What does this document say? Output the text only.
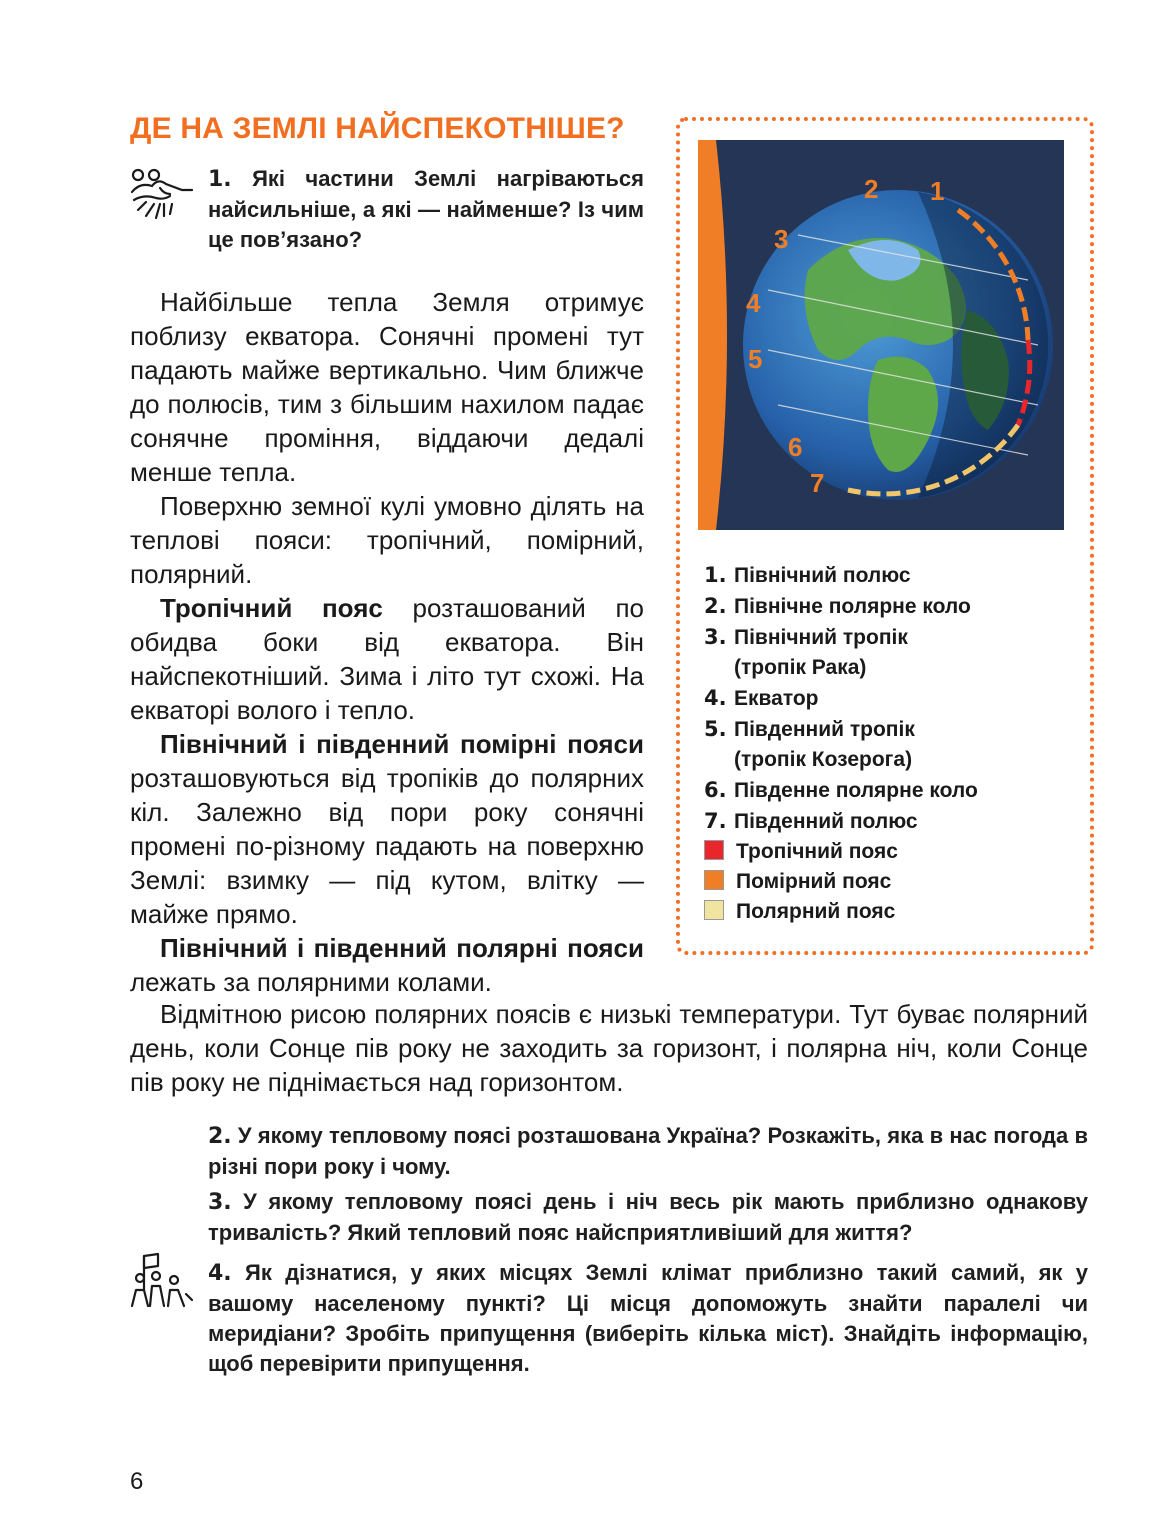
ДЕ НА ЗЕМЛІ НАЙСПЕКОТНІШЕ?
1. Які частини Землі нагріваються найсильніше, а які — найменше? Із чим це пов’язано?

Найбільше тепла Земля отримує поблизу екватора. Сонячні промені тут падають майже вертикально. Чим ближче до полюсів, тим з більшим нахилом падає сонячне проміння, віддаючи дедалі менше тепла.

Поверхню земної кулі умовно ділять на теплові пояси: тропічний, помірний, полярний.

Тропічний пояс розташований по обидва боки від екватора. Він найспекотніший. Зима і літо тут схожі. На екваторі волого і тепло.

Північний і південний помірні пояси розташовуються від тропіків до полярних кіл. Залежно від пори року сонячні промені по-різному падають на поверхню Землі: взимку — під кутом, влітку — майже прямо.

Північний і південний полярні пояси лежать за полярними колами.

Відмітною рисою полярних поясів є низькі температури. Тут буває полярний день, коли Сонце пів року не заходить за горизонт, і полярна ніч, коли Сонце пів року не піднімається над горизонтом.

1
2
3
4
5
6
7
1. Північний полюс
2. Північне полярне коло
3. Північний тропік
(тропік Рака)
4. Екватор
5. Південний тропік
(тропік Козерога)
6. Південне полярне коло
7. Південний полюс
Тропічний пояс
Помірний пояс
Полярний пояс
2. У якому тепловому поясі розташована Україна? Розкажіть, яка в нас погода в різні пори року і чому.
3. У якому тепловому поясі день і ніч весь рік мають приблизно однакову тривалість? Який тепловий пояс найсприятливіший для життя?
4. Як дізнатися, у яких місцях Землі клімат приблизно такий самий, як у вашому населеному пункті? Ці місця допоможуть знайти паралелі чи меридіани? Зробіть припущення (виберіть кілька міст). Знайдіть інформацію, щоб перевірити припущення.
6
